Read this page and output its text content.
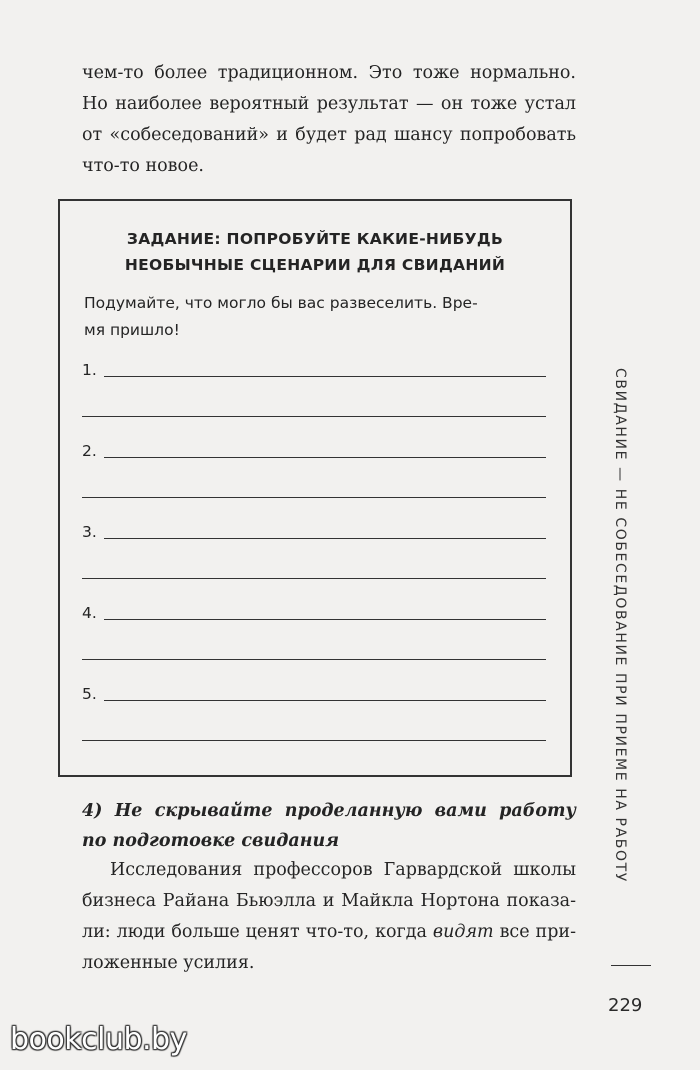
чем-то более традиционном. Это тоже нормально.
Но наиболее вероятный результат — он тоже устал
от «собеседований» и будет рад шансу попробовать
что-то новое.
ЗАДАНИЕ: ПОПРОБУЙТЕ КАКИЕ-НИБУДЬ
НЕОБЫЧНЫЕ СЦЕНАРИИ ДЛЯ СВИДАНИЙ
Подумайте, что могло бы вас развеселить. Вре-
мя пришло!
1.
2.
3.
4.
5.
4) Не скрывайте проделанную вами работу
по подготовке свидания
Исследования профессоров Гарвардской школы
бизнеса Райана Бьюэлла и Майкла Нортона показа-
ли: люди больше ценят что-то, когда видят все при-
ложенные усилия.
СВИДАНИЕ — НЕ СОБЕСЕДОВАНИЕ ПРИ ПРИЕМЕ НА РАБОТУ
229
bookclub.by
